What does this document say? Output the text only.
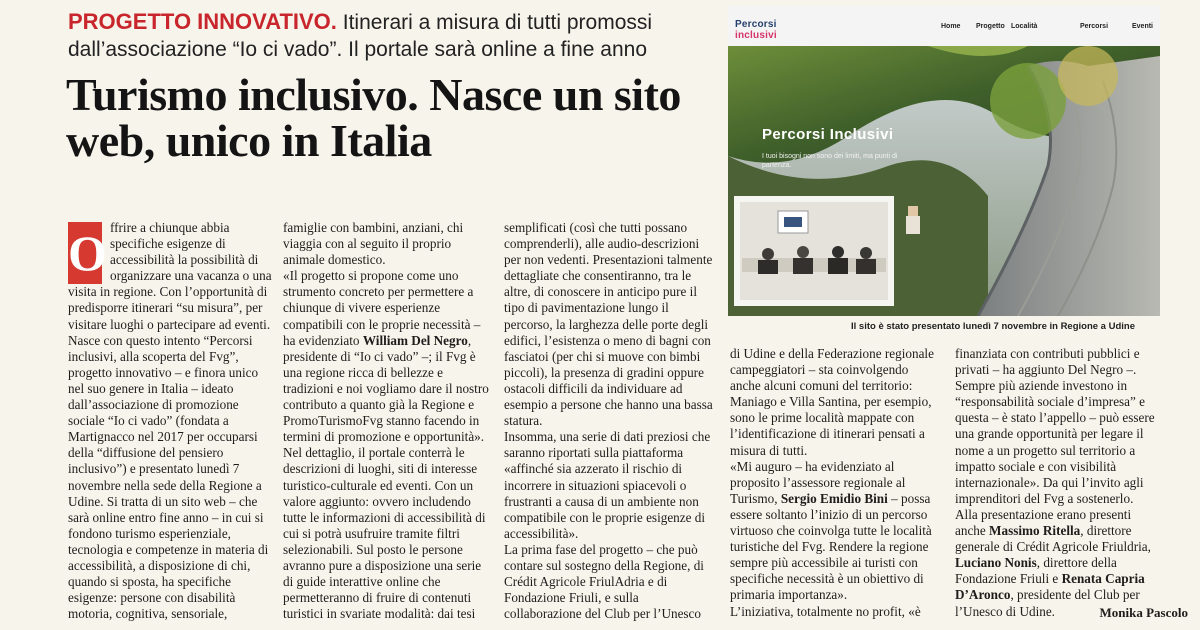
PROGETTO INNOVATIVO. Itinerari a misura di tutti promossi dall’associazione “Io ci vado”. Il portale sarà online a fine anno
Turismo inclusivo. Nasce un sito web, unico in Italia
O ffrire a chiunque abbia specifiche esigenze di accessibilità la possibilità di organizzare una vacanza o una visita in regione. Con l’opportunità di predisporre itinerari “su misura”, per visitare luoghi o partecipare ad eventi. Nasce con questo intento “Percorsi inclusivi, alla scoperta del Fvg”, progetto innovativo – e finora unico nel suo genere in Italia – ideato dall’associazione di promozione sociale “Io ci vado” (fondata a Martignacco nel 2017 per occuparsi della “diffusione del pensiero inclusivo”) e presentato lunedì 7 novembre nella sede della Regione a Udine. Si tratta di un sito web – che sarà online entro fine anno – in cui si fondono turismo esperienziale, tecnologia e competenze in materia di accessibilità, a disposizione di chi, quando si sposta, ha specifiche esigenze: persone con disabilità motoria, cognitiva, sensoriale,

famiglie con bambini, anziani, chi viaggia con al seguito il proprio animale domestico.

«Il progetto si propone come uno strumento concreto per permettere a chiunque di vivere esperienze compatibili con le proprie necessità – ha evidenziato William Del Negro, presidente di “Io ci vado” –; il Fvg è una regione ricca di bellezze e tradizioni e noi vogliamo dare il nostro contributo a quanto già la Regione e PromoTurismoFvg stanno facendo in termini di promozione e opportunità».

Nel dettaglio, il portale conterrà le descrizioni di luoghi, siti di interesse turistico-culturale ed eventi. Con un valore aggiunto: ovvero includendo tutte le informazioni di accessibilità di cui si potrà usufruire tramite filtri selezionabili. Sul posto le persone avranno pure a disposizione una serie di guide interattive online che permetteranno di fruire di contenuti turistici in svariate modalità: dai tesi

semplificati (così che tutti possano comprenderli), alle audio-descrizioni per non vedenti. Presentazioni talmente dettagliate che consentiranno, tra le altre, di conoscere in anticipo pure il tipo di pavimentazione lungo il percorso, la larghezza delle porte degli edifici, l’esistenza o meno di bagni con fasciatoi (per chi si muove con bimbi piccoli), la presenza di gradini oppure ostacoli difficili da individuare ad esempio a persone che hanno una bassa statura.

Insomma, una serie di dati preziosi che saranno riportati sulla piattaforma «affinché sia azzerato il rischio di incorrere in situazioni spiacevoli o frustranti a causa di un ambiente non compatibile con le proprie esigenze di accessibilità».

La prima fase del progetto – che può contare sul sostegno della Regione, di Crédit Agricole FriulAdria e di Fondazione Friuli, e sulla collaborazione del Club per l’Unesco

di Udine e della Federazione regionale campeggiatori – sta coinvolgendo anche alcuni comuni del territorio: Maniago e Villa Santina, per esempio, sono le prime località mappate con l’identificazione di itinerari pensati a misura di tutti.

«Mi auguro – ha evidenziato al proposito l’assessore regionale al Turismo, Sergio Emidio Bini – possa essere soltanto l’inizio di un percorso virtuoso che coinvolga tutte le località turistiche del Fvg. Rendere la regione sempre più accessibile ai turisti con specifiche necessità è un obiettivo di primaria importanza».

L’iniziativa, totalmente no profit, «è

finanziata con contributi pubblici e privati – ha aggiunto Del Negro –. Sempre più aziende investono in “responsabilità sociale d’impresa” e questa – è stato l’appello – può essere una grande opportunità per legare il nome a un progetto sul territorio a impatto sociale e con visibilità internazionale». Da qui l’invito agli imprenditori del Fvg a sostenerlo.

Alla presentazione erano presenti anche Massimo Ritella, direttore generale di Crédit Agricole Friuldria, Luciano Nonis, direttore della Fondazione Friuli e Renata Capria D’Aronco, presidente del Club per l’Unesco di Udine.	Monika Pascolo
Percorsi
inclusivi
Home Progetto Località	Percorsi	Eventi
Percorsi Inclusivi
I tuoi bisogni non sono dei limiti, ma punti di partenza.
Il sito è stato presentato lunedì 7 novembre in Regione a Udine
